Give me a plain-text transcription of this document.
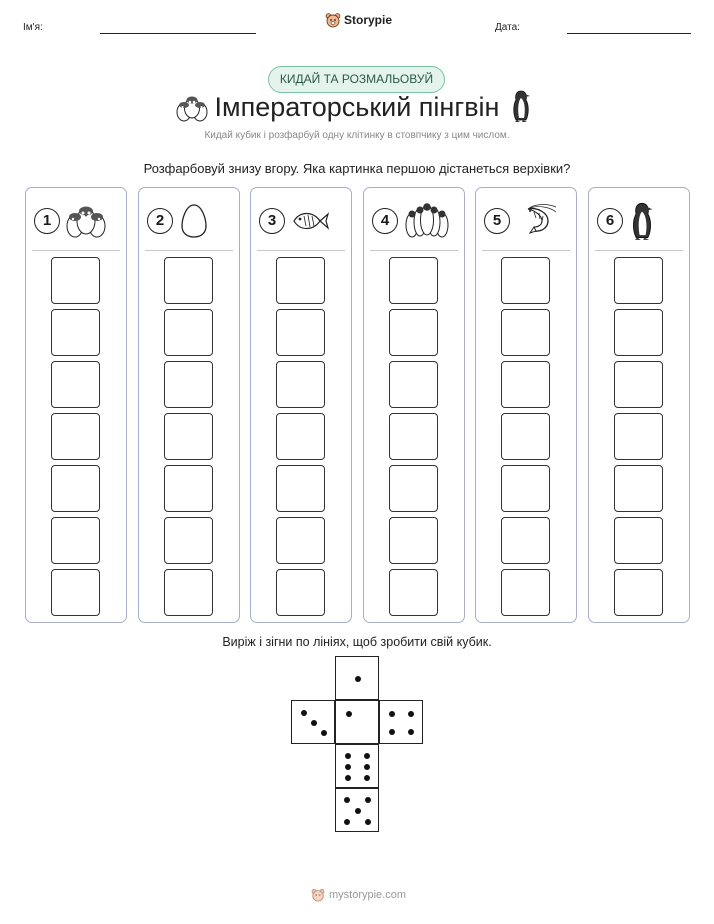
Ім'я:
Storypie
Дата:
КИДАЙ ТА РОЗМАЛЬОВУЙ
Імператорський пінгвін
Кидай кубик і розфарбуй одну клітинку в стовпчику з цим числом.
Розфарбовуй знизу вгору. Яка картинка першою дістанеться верхівки?
1	2	3	4	5	6
Виріж і зігни по лініях, щоб зробити свій кубик.
mystorypie.com
